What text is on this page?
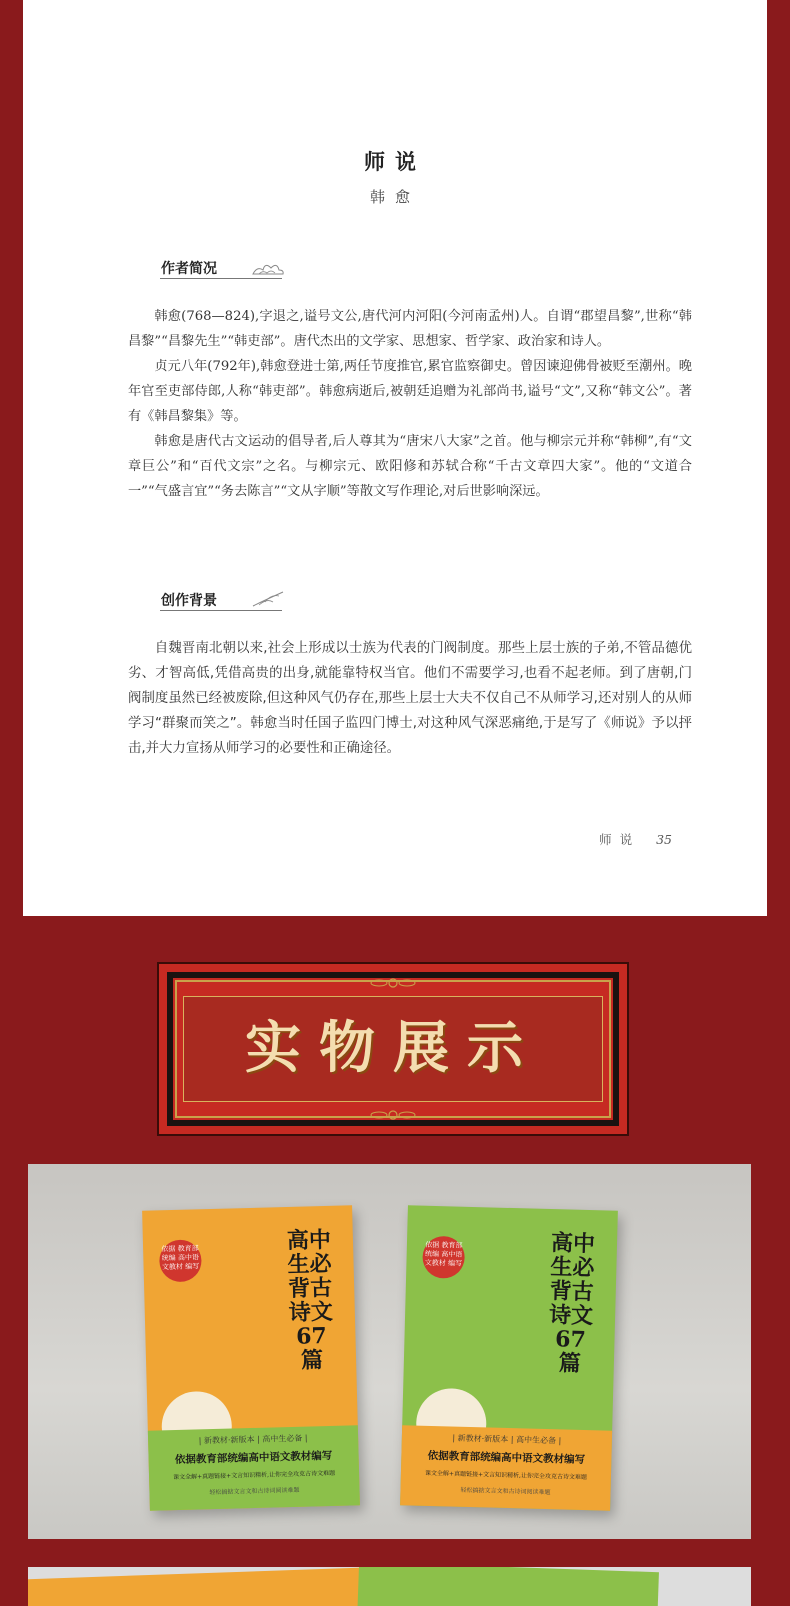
师说
韩愈
作者简况

韩愈(768—824),字退之,谥号文公,唐代河内河阳(今河南孟州)人。自谓“郡望昌黎”,世称“韩昌黎”“昌黎先生”“韩吏部”。唐代杰出的文学家、思想家、哲学家、政治家和诗人。

贞元八年(792年),韩愈登进士第,两任节度推官,累官监察御史。曾因谏迎佛骨被贬至潮州。晚年官至吏部侍郎,人称“韩吏部”。韩愈病逝后,被朝廷追赠为礼部尚书,谥号“文”,又称“韩文公”。著有《韩昌黎集》等。

韩愈是唐代古文运动的倡导者,后人尊其为“唐宋八大家”之首。他与柳宗元并称“韩柳”,有“文章巨公”和“百代文宗”之名。与柳宗元、欧阳修和苏轼合称“千古文章四大家”。他的“文道合一”“气盛言宜”“务去陈言”“文从字顺”等散文写作理论,对后世影响深远。

创作背景

自魏晋南北朝以来,社会上形成以士族为代表的门阀制度。那些上层士族的子弟,不管品德优劣、才智高低,凭借高贵的出身,就能靠特权当官。他们不需要学习,也看不起老师。到了唐朝,门阀制度虽然已经被废除,但这种风气仍存在,那些上层士大夫不仅自己不从师学习,还对别人的从师学习“群聚而笑之”。韩愈当时任国子监四门博士,对这种风气深恶痛绝,于是写了《师说》予以抨击,并大力宣扬从师学习的必要性和正确途径。

师说 35
实物展示
依据 教育部统编 高中语文教材 编写
高中生必背古诗文67篇
| 新教材·新版本 | 高中生必备 |
依据教育部统编高中语文教材编写
课文全解+真题链接+文言知识精析,让你完全攻克古诗文难题
轻松搞掂文言文和古诗词阅读难题
依据 教育部统编 高中语文教材 编写
高中生必背古诗文67篇
| 新教材·新版本 | 高中生必备 |
依据教育部统编高中语文教材编写
课文全解+真题链接+文言知识精析,让你完全攻克古诗文难题
轻松搞掂文言文和古诗词阅读难题
